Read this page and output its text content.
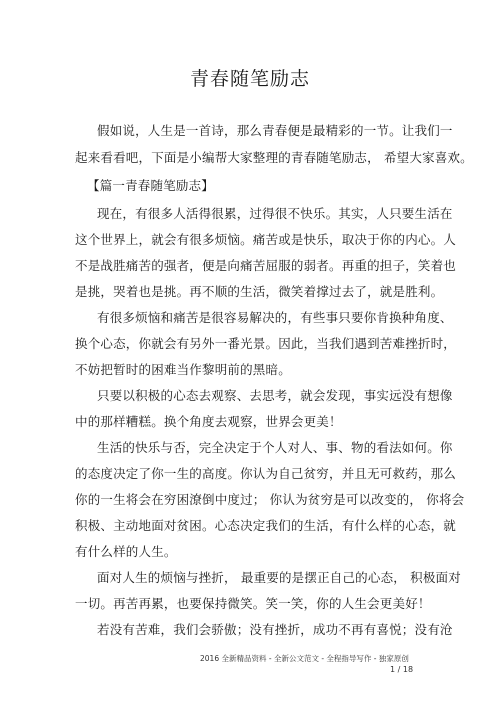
青春随笔励志
假如说，人生是一首诗，那么青春便是最精彩的一节。让我们一
起来看看吧，下面是小编帮大家整理的青春随笔励志， 希望大家喜欢。
【篇一青春随笔励志】
现在，有很多人活得很累，过得很不快乐。其实，人只要生活在
这个世界上，就会有很多烦恼。痛苦或是快乐，取决于你的内心。人
不是战胜痛苦的强者，便是向痛苦屈服的弱者。再重的担子，笑着也
是挑，哭着也是挑。再不顺的生活，微笑着撑过去了，就是胜利。
有很多烦恼和痛苦是很容易解决的，有些事只要你肯换种角度、
换个心态，你就会有另外一番光景。因此，当我们遇到苦难挫折时，
不妨把暂时的困难当作黎明前的黑暗。
只要以积极的心态去观察、去思考，就会发现，事实远没有想像
中的那样糟糕。换个角度去观察，世界会更美！
生活的快乐与否，完全决定于个人对人、事、物的看法如何。你
的态度决定了你一生的高度。你认为自己贫穷，并且无可救药，那么
你的一生将会在穷困潦倒中度过； 你认为贫穷是可以改变的， 你将会
积极、主动地面对贫困。心态决定我们的生活，有什么样的心态，就
有什么样的人生。
面对人生的烦恼与挫折， 最重要的是摆正自己的心态， 积极面对
一切。再苦再累，也要保持微笑。笑一笑，你的人生会更美好！
若没有苦难，我们会骄傲；没有挫折，成功不再有喜悦；没有沧
2016 全新精品资料 - 全新公文范文 - 全程指导写作 - 独家原创
1 / 18
